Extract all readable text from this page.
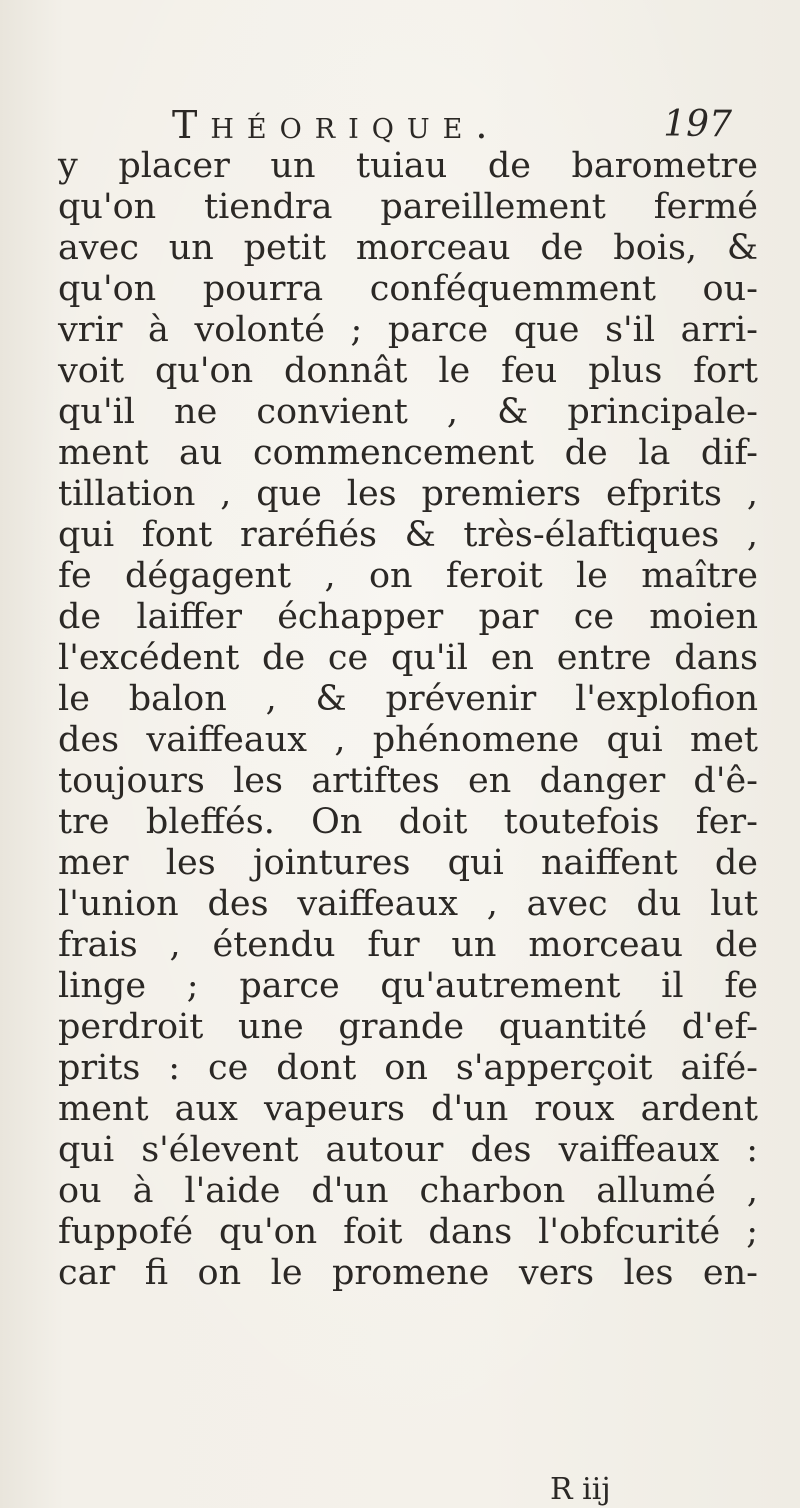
Théorique.	197
y placer un tuiau de barometre
qu'on tiendra pareillement fermé
avec un petit morceau de bois, &
qu'on pourra conféquemment ou-
vrir à volonté ; parce que s'il arri-
voit qu'on donnât le feu plus fort
qu'il ne convient , & principale-
ment au commencement de la dif-
tillation , que les premiers efprits ,
qui font raréfiés & très-élaftiques ,
fe dégagent , on feroit le maître
de laiffer échapper par ce moien
l'excédent de ce qu'il en entre dans
le balon , & prévenir l'explofion
des vaiffeaux , phénomene qui met
toujours les artiftes en danger d'ê-
tre bleffés. On doit toutefois fer-
mer les jointures qui naiffent de
l'union des vaiffeaux , avec du lut
frais , étendu fur un morceau de
linge ; parce qu'autrement il fe
perdroit une grande quantité d'ef-
prits : ce dont on s'apperçoit aifé-
ment aux vapeurs d'un roux ardent
qui s'élevent autour des vaiffeaux :
ou à l'aide d'un charbon allumé ,
fuppofé qu'on foit dans l'obfcurité ;
car fi on le promene vers les en-
R iij
